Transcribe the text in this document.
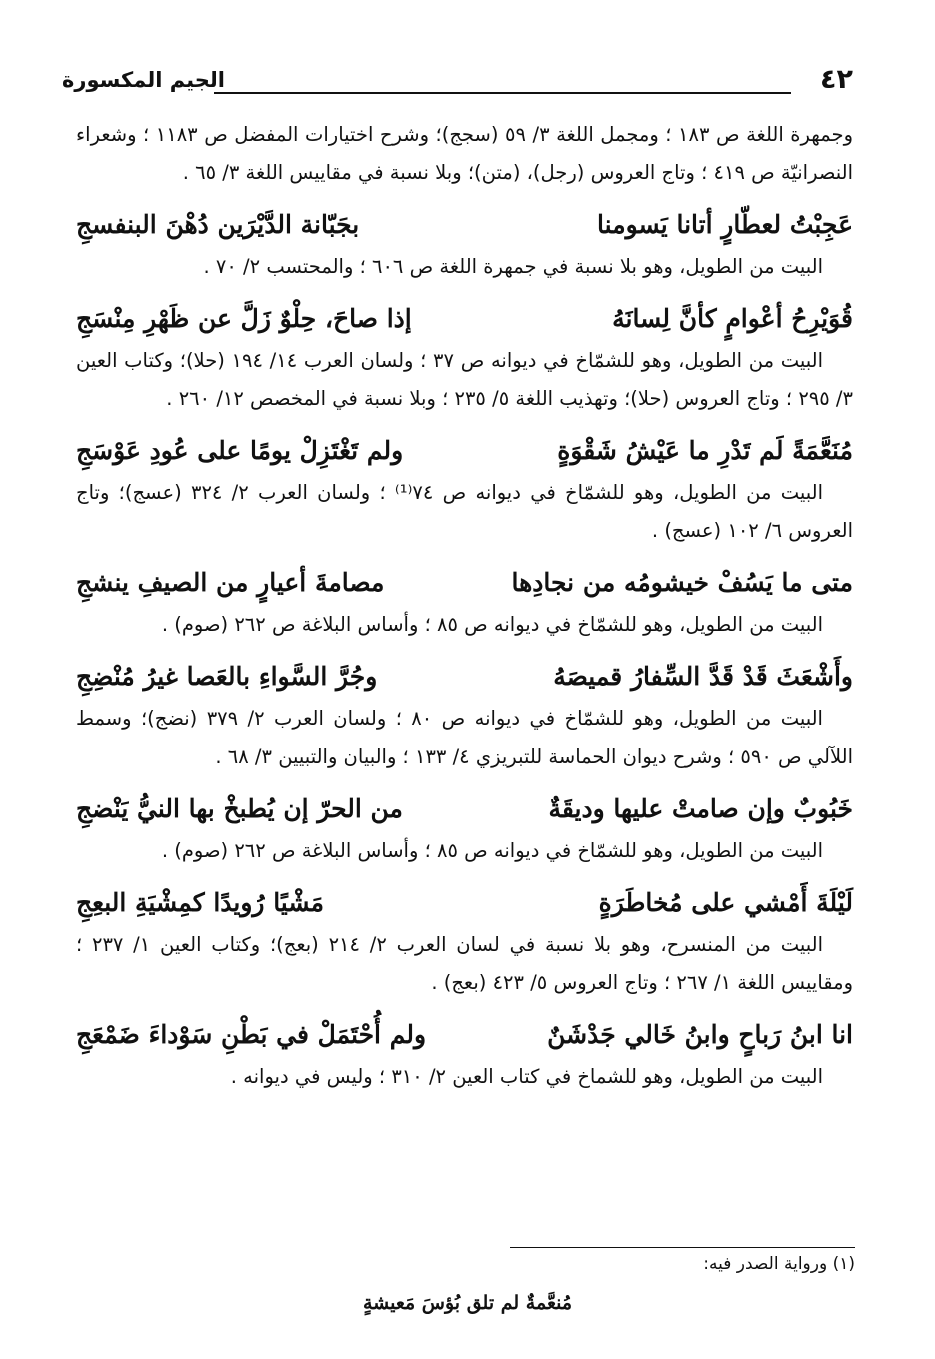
٤٢
الجيم المكسورة

وجمهرة اللغة ص ١٨٣ ؛ ومجمل اللغة ٣/ ٥٩ (سجج)؛ وشرح اختيارات المفضل ص ١١٨٣ ؛ وشعراء النصرانيّة ص ٤١٩ ؛ وتاج العروس (رجل)، (متن)؛ وبلا نسبة في مقاييس اللغة ٣/ ٦٥ .

عَجِبْتُ لعطّارٍ أتانا يَسومنا
بجَبّانة الدَّيْرَين دُهْنَ البنفسجِ

البيت من الطويل، وهو بلا نسبة في جمهرة اللغة ص ٦٠٦ ؛ والمحتسب ٢/ ٧٠ .

قُوَيْرِحُ أعْوامٍ كأنَّ لِسانَهُ
إذا صاحَ، حِلْوٌ زَلَّ عن ظَهْرِ مِنْسَجِ

البيت من الطويل، وهو للشمّاخ في ديوانه ص ٣٧ ؛ ولسان العرب ١٤/ ١٩٤ (حلا)؛ وكتاب العين ٣/ ٢٩٥ ؛ وتاج العروس (حلا)؛ وتهذيب اللغة ٥/ ٢٣٥ ؛ وبلا نسبة في المخصص ١٢/ ٢٦٠ .

مُنَعَّمَةً لَم تَدْرِ ما عَيْشُ شَقْوَةٍ
ولم تَغْتَزِلْ يومًا على عُودِ عَوْسَجِ

البيت من الطويل، وهو للشمّاخ في ديوانه ص ٧٤⁽¹⁾ ؛ ولسان العرب ٢/ ٣٢٤ (عسج)؛ وتاج العروس ٦/ ١٠٢ (عسج) .

متى ما يَسُفْ خيشومُه من نجادِها
مصامةَ أعيارٍ من الصيفِ ينشجِ

البيت من الطويل، وهو للشمّاخ في ديوانه ص ٨٥ ؛ وأساس البلاغة ص ٢٦٢ (صوم) .

وأَشْعَثَ قَدْ قَدَّ السِّفارُ قميصَهُ
وجُرَّ السَّواءِ بالعَصا غيرُ مُنْضِجِ

البيت من الطويل، وهو للشمّاخ في ديوانه ص ٨٠ ؛ ولسان العرب ٢/ ٣٧٩ (نضج)؛ وسمط اللآلي ص ٥٩٠ ؛ وشرح ديوان الحماسة للتبريزي ٤/ ١٣٣ ؛ والبيان والتبيين ٣/ ٦٨ .

خَبُوبٌ وإن صامتْ عليها وديقَةٌ
من الحرّ إن يُطبخْ بها النيُّ يَنْضجِ

البيت من الطويل، وهو للشمّاخ في ديوانه ص ٨٥ ؛ وأساس البلاغة ص ٢٦٢ (صوم) .

لَيْلَةَ أَمْشي على مُخاطَرَةٍ
مَشْيًا رُويدًا كمِشْيَةِ البعِجِ

البيت من المنسرح، وهو بلا نسبة في لسان العرب ٢/ ٢١٤ (بعج)؛ وكتاب العين ١/ ٢٣٧ ؛ ومقاييس اللغة ١/ ٢٦٧ ؛ وتاج العروس ٥/ ٤٢٣ (بعج) .

انا ابنُ رَباحٍ وابنُ خَالي جَدْشَنٌ
ولم أُحْتَمَلْ في بَطْنِ سَوْداءَ ضَمْعَجِ

البيت من الطويل، وهو للشماخ في كتاب العين ٢/ ٣١٠ ؛ وليس في ديوانه .

(١) ورواية الصدر فيه:

مُنعَّمةٌ لم تلق بُؤسَ مَعيشةٍ
